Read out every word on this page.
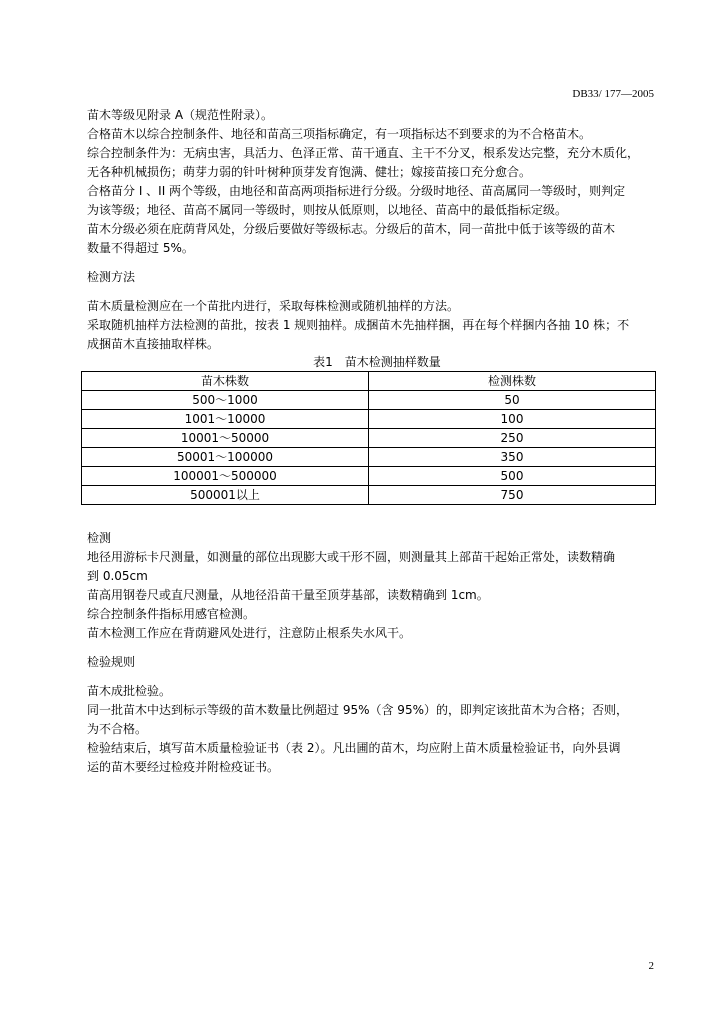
DB33/ 177—2005

苗木等级见附录 A（规范性附录）。

合格苗木以综合控制条件、地径和苗高三项指标确定，有一项指标达不到要求的为不合格苗木。

综合控制条件为：无病虫害，具活力、色泽正常、苗干通直、主干不分叉，根系发达完整，充分木质化，

无各种机械损伤；萌芽力弱的针叶树种顶芽发育饱满、健壮；嫁接苗接口充分愈合。

合格苗分 I 、II 两个等级，由地径和苗高两项指标进行分级。分级时地径、苗高属同一等级时，则判定

为该等级；地径、苗高不属同一等级时，则按从低原则，以地径、苗高中的最低指标定级。

苗木分级必须在庇荫背风处，分级后要做好等级标志。分级后的苗木，同一苗批中低于该等级的苗木

数量不得超过 5%。

检测方法

苗木质量检测应在一个苗批内进行，采取每株检测或随机抽样的方法。

采取随机抽样方法检测的苗批，按表 1 规则抽样。成捆苗木先抽样捆，再在每个样捆内各抽 10 株；不

成捆苗木直接抽取样株。

表1　苗木检测抽样数量

苗木株数	检测株数
500～1000	50
1001～10000	100
10001～50000	250
50001～100000	350
100001～500000	500
500001以上	750

检测

地径用游标卡尺测量，如测量的部位出现膨大或干形不圆，则测量其上部苗干起始正常处，读数精确

到 0.05cm

苗高用钢卷尺或直尺测量，从地径沿苗干量至顶芽基部，读数精确到 1cm。

综合控制条件指标用感官检测。

苗木检测工作应在背荫避风处进行，注意防止根系失水风干。

检验规则

苗木成批检验。

同一批苗木中达到标示等级的苗木数量比例超过 95%（含 95%）的，即判定该批苗木为合格；否则，

为不合格。

检验结束后，填写苗木质量检验证书（表 2）。凡出圃的苗木，均应附上苗木质量检验证书，向外县调

运的苗木要经过检疫并附检疫证书。

2
